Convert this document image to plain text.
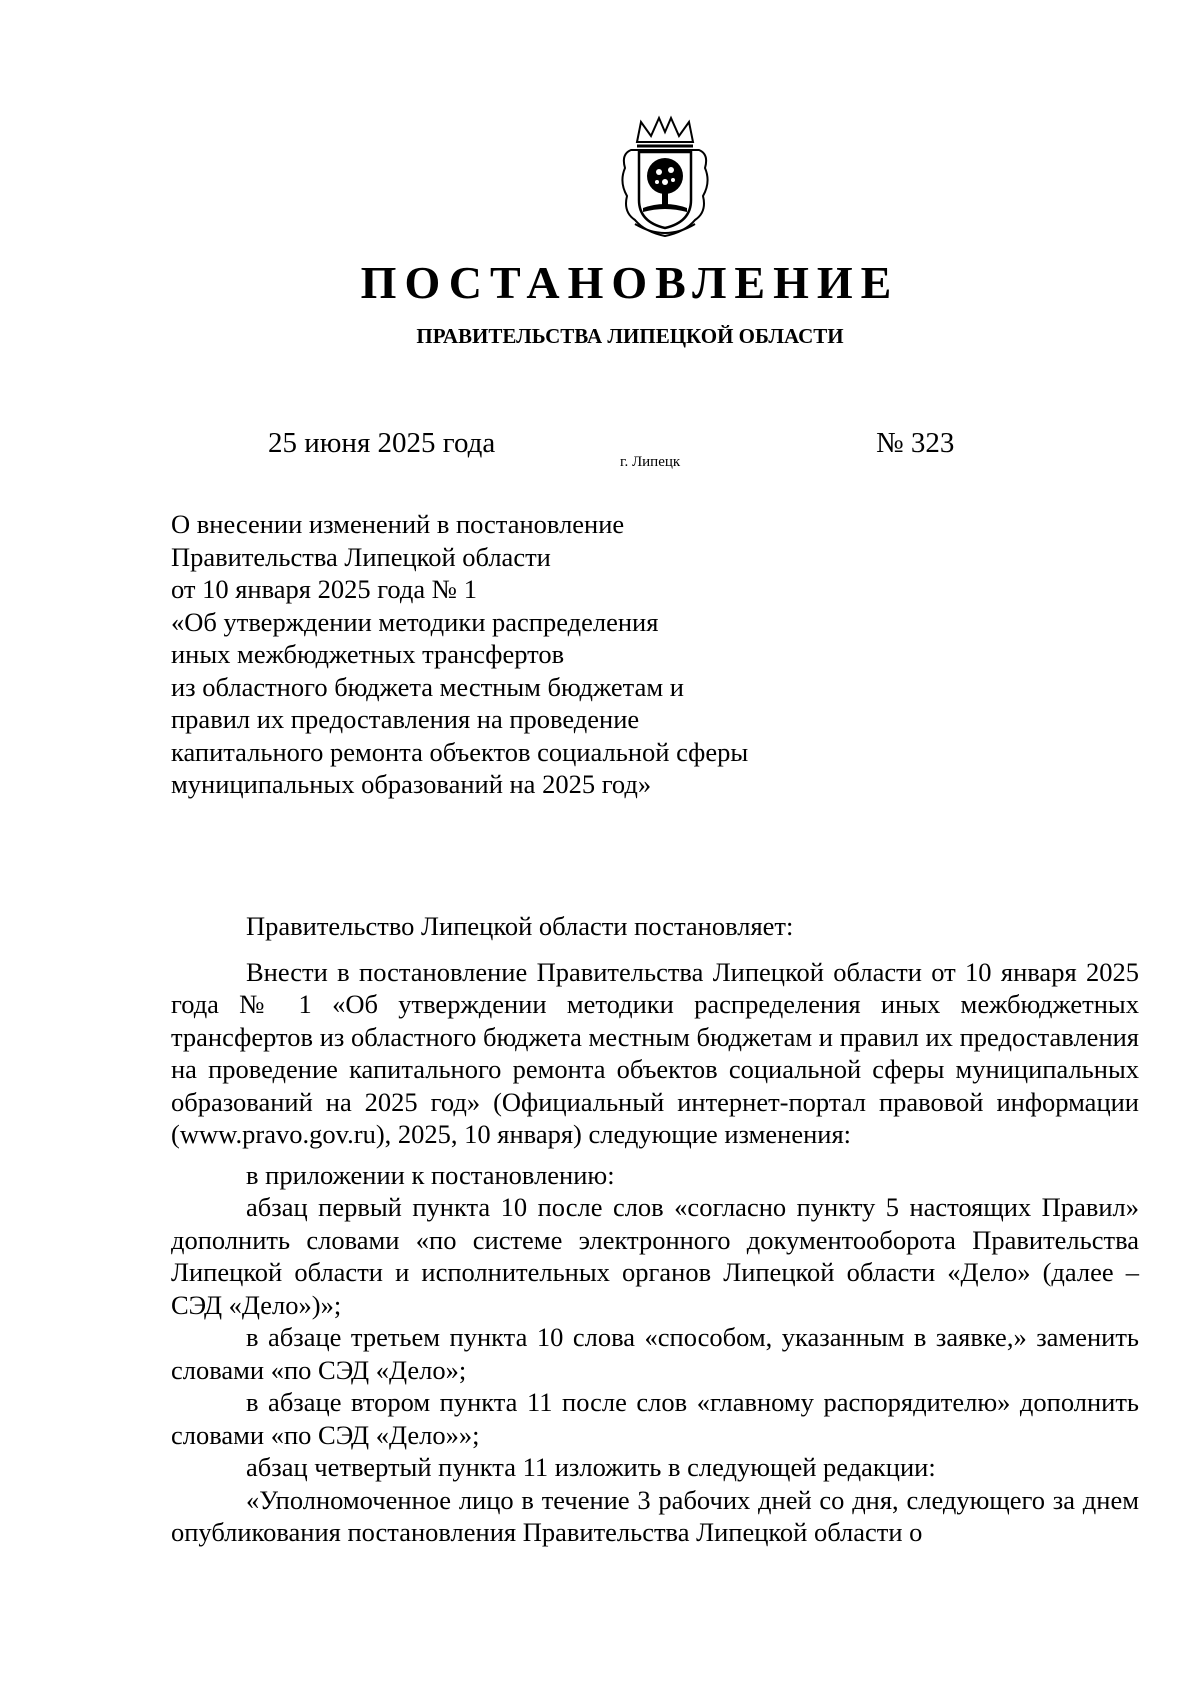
ПОСТАНОВЛЕНИЕ
ПРАВИТЕЛЬСТВА ЛИПЕЦКОЙ ОБЛАСТИ
25 июня 2025 года
г. Липецк
№ 323
О внесении изменений в постановление
Правительства Липецкой области
от 10 января 2025 года № 1
«Об утверждении методики распределения
иных межбюджетных трансфертов
из областного бюджета местным бюджетам и
правил их предоставления на проведение
капитального ремонта объектов социальной сферы
муниципальных образований на 2025 год»

Правительство Липецкой области постановляет:

Внести в постановление Правительства Липецкой области от 10 января 2025 года № 1 «Об утверждении методики распределения иных межбюджетных трансфертов из областного бюджета местным бюджетам и правил их предоставления на проведение капитального ремонта объектов социальной сферы муниципальных образований на 2025 год» (Официальный интернет-портал правовой информации (www.pravo.gov.ru), 2025, 10 января) следующие изменения:

в приложении к постановлению:

абзац первый пункта 10 после слов «согласно пункту 5 настоящих Правил» дополнить словами «по системе электронного документооборота Правительства Липецкой области и исполнительных органов Липецкой области «Дело» (далее – СЭД «Дело»)»;

в абзаце третьем пункта 10 слова «способом, указанным в заявке,» заменить словами «по СЭД «Дело»;

в абзаце втором пункта 11 после слов «главному распорядителю» дополнить словами «по СЭД «Дело»»;

абзац четвертый пункта 11 изложить в следующей редакции:

«Уполномоченное лицо в течение 3 рабочих дней со дня, следующего за днем опубликования постановления Правительства Липецкой области о
